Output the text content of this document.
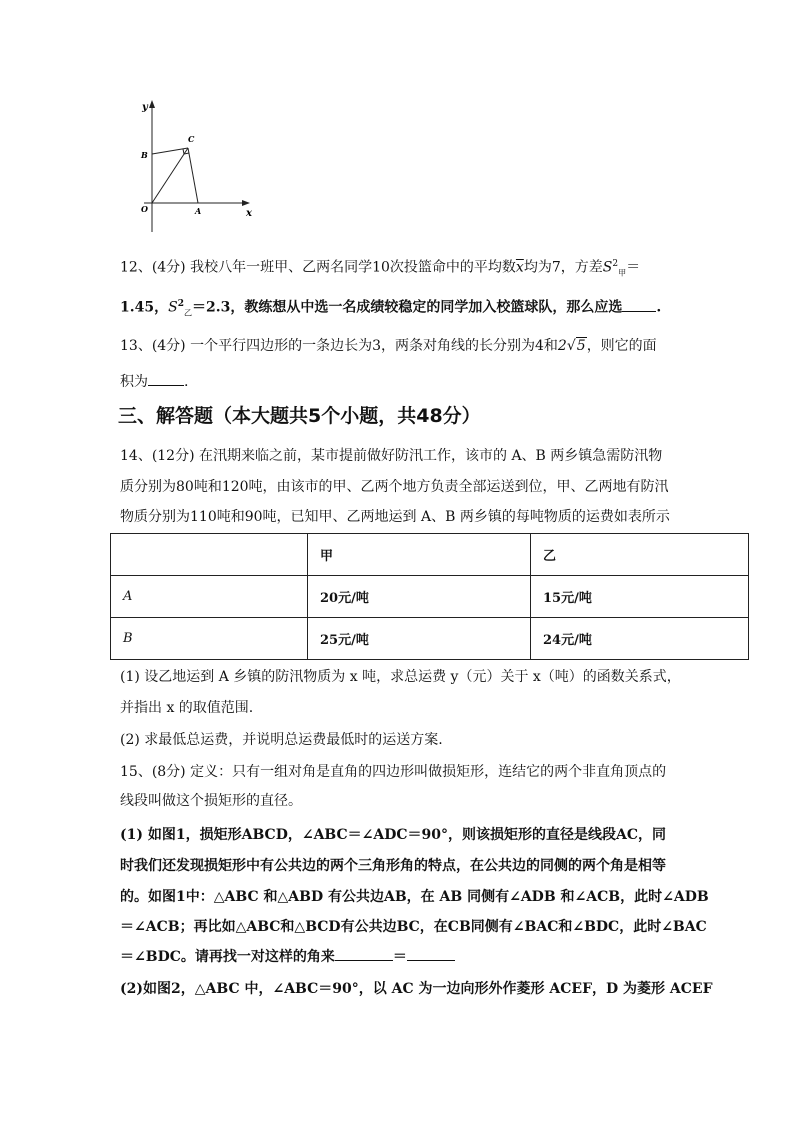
y
x
O	A
B
C
12、(4分) 我校八年一班甲、乙两名同学10次投篮命中的平均数$\overline{x}$均为7，方差$S^2_甲=$
1.45，$S^2_乙=2.3$，教练想从中选一名成绩较稳定的同学加入校篮球队，那么应选 .
13、(4分) 一个平行四边形的一条边长为3，两条对角线的长分别为4和2√5，则它的面
积为	.
三、解答题（本大题共5个小题，共48分）
14、(12分) 在汛期来临之前，某市提前做好防汛工作，该市的 A、B 两乡镇急需防汛物
质分别为80吨和120吨，由该市的甲、乙两个地方负责全部运送到位，甲、乙两地有防汛
物质分别为110吨和90吨，已知甲、乙两地运到 A、B 两乡镇的每吨物质的运费如表所示
	甲	乙
A	20元/吨	15元/吨
B	25元/吨	24元/吨
(1) 设乙地运到 A 乡镇的防汛物质为 x 吨，求总运费 y（元）关于 x（吨）的函数关系式，
并指出 x 的取值范围.
(2) 求最低总运费，并说明总运费最低时的运送方案.
15、(8分) 定义：只有一组对角是直角的四边形叫做损矩形，连结它的两个非直角顶点的
线段叫做这个损矩形的直径。
(1) 如图1，损矩形ABCD，∠ABC＝∠ADC＝90°，则该损矩形的直径是线段AC，同
时我们还发现损矩形中有公共边的两个三角形角的特点，在公共边的同侧的两个角是相等
的。如图1中：△ABC 和△ABD 有公共边AB，在 AB 同侧有∠ADB 和∠ACB，此时∠ADB
＝∠ACB；再比如△ABC和△BCD有公共边BC，在CB同侧有∠BAC和∠BDC，此时∠BAC
＝∠BDC。请再找一对这样的角来	＝
(2)如图2，△ABC 中，∠ABC＝90°，以 AC 为一边向形外作菱形 ACEF，D 为菱形 ACEF
